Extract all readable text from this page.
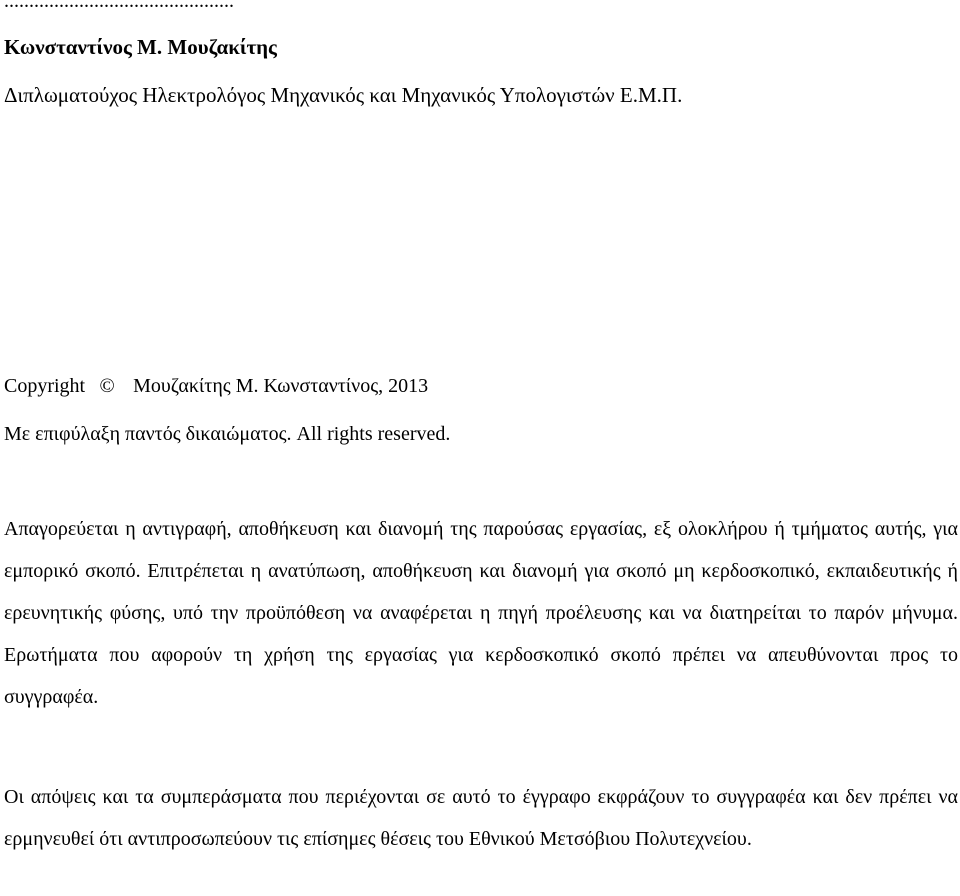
..............................................
Κωνσταντίνος Μ. Μουζακίτης
Διπλωματούχος Ηλεκτρολόγος Μηχανικός και Μηχανικός Υπολογιστών Ε.Μ.Π.
Copyright © Μουζακίτης Μ. Κωνσταντίνος, 2013
Με επιφύλαξη παντός δικαιώματος. All rights reserved.
Απαγορεύεται η αντιγραφή, αποθήκευση και διανομή της παρούσας εργασίας, εξ ολοκλήρου ή τμήματος αυτής, για εμπορικό σκοπό. Επιτρέπεται η ανατύπωση, αποθήκευση και διανομή για σκοπό μη κερδοσκοπικό, εκπαιδευτικής ή ερευνητικής φύσης, υπό την προϋπόθεση να αναφέρεται η πηγή προέλευσης και να διατηρείται το παρόν μήνυμα. Ερωτήματα που αφορούν τη χρήση της εργασίας για κερδοσκοπικό σκοπό πρέπει να απευθύνονται προς το συγγραφέα.
Οι απόψεις και τα συμπεράσματα που περιέχονται σε αυτό το έγγραφο εκφράζουν το συγγραφέα και δεν πρέπει να ερμηνευθεί ότι αντιπροσωπεύουν τις επίσημες θέσεις του Εθνικού Μετσόβιου Πολυτεχνείου.
